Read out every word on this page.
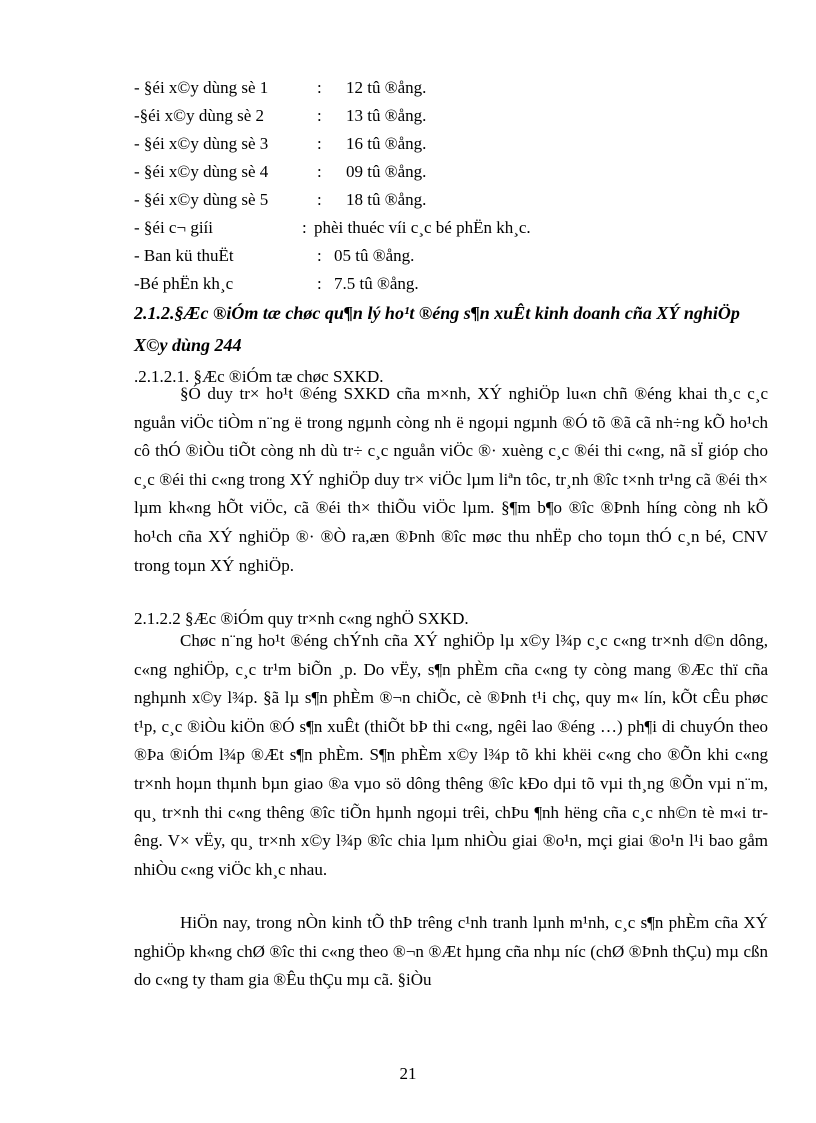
- §éi x©y dùng sè 1	: 12 tû ®ång.
-§éi x©y dùng sè 2	: 13 tû ®ång.
- §éi x©y dùng sè 3	: 16 tû ®ång.
- §éi x©y dùng sè 4	: 09 tû ®ång.
- §éi x©y dùng sè 5	: 18 tû ®ång.
- §éi c¬ giíi	: phèi thuéc víi c¸c bé phËn kh¸c.
- Ban kü thuËt	: 05 tû ®ång.
-Bé phËn kh¸c	: 7.5 tû ®ång.
2.1.2.§Æc ®iÓm tæ chøc qu¶n lý ho¹t ®éng s¶n xuÊt kinh doanh cña XÝ nghiÖp X©y dùng 244
.2.1.2.1. §Æc ®iÓm tæ chøc SXKD.

§Ó duy tr× ho¹t ®éng SXKD cña m×nh, XÝ nghiÖp lu«n chñ ®éng khai th¸c c¸c nguån viÖc tiÒm n¨ng ë trong ngµnh còng nh ë ngoµi ngµnh ®Ó tõ ®ã cã nh÷ng kÕ ho¹ch cô thÓ ®iÒu tiÕt còng nh dù tr÷ c¸c nguån viÖc ®· xuèng c¸c ®éi thi c«ng, nã sÏ gióp cho c¸c ®éi thi c«ng trong XÝ nghiÖp duy tr× viÖc lµm liªn tôc, tr¸nh ®îc t×nh tr¹ng cã ®éi th× lµm kh«ng hÕt viÖc, cã ®éi th× thiÕu viÖc lµm. §¶m b¶o ®îc ®Þnh híng còng nh kÕ ho¹ch cña XÝ nghiÖp ®· ®Ò ra,æn ®Þnh ®îc møc thu nhËp cho toµn thÓ c¸n bé, CNV trong toµn XÝ nghiÖp.

2.1.2.2 §Æc ®iÓm quy tr×nh c«ng nghÖ SXKD.

Chøc n¨ng ho¹t ®éng chÝnh cña XÝ nghiÖp lµ x©y l¾p c¸c c«ng tr×nh d©n dông, c«ng nghiÖp, c¸c tr¹m biÕn ¸p. Do vËy, s¶n phÈm cña c«ng ty còng mang ®Æc thï cña nghµnh x©y l¾p. §ã lµ s¶n phÈm ®¬n chiÕc, cè ®Þnh t¹i chç, quy m« lín, kÕt cÊu phøc t¹p, c¸c ®iÒu kiÖn ®Ó s¶n xuÊt (thiÕt bÞ thi c«ng, ngêi lao ®éng …) ph¶i di chuyÓn theo ®Þa ®iÓm l¾p ®Æt s¶n phÈm. S¶n phÈm x©y l¾p tõ khi khëi c«ng cho ®Õn khi c«ng tr×nh hoµn thµnh bµn giao ®a vµo sö dông thêng ®îc kÐo dµi tõ vµi th¸ng ®Õn vµi n¨m, qu¸ tr×nh thi c«ng thêng ®îc tiÕn hµnh ngoµi trêi, chÞu ¶nh hëng cña c¸c nh©n tè m«i trêng. V× vËy, qu¸ tr×nh x©y l¾p ®îc chia lµm nhiÒu giai ®o¹n, mçi giai ®o¹n l¹i bao gåm nhiÒu c«ng viÖc kh¸c nhau.

HiÖn nay, trong nÒn kinh tÕ thÞ trêng c¹nh tranh lµnh m¹nh, c¸c s¶n phÈm cña XÝ nghiÖp kh«ng chØ ®îc thi c«ng theo ®¬n ®Æt hµng cña nhµ níc (chØ ®Þnh thÇu) mµ cßn do c«ng ty tham gia ®Êu thÇu mµ cã. §iÒu

21
